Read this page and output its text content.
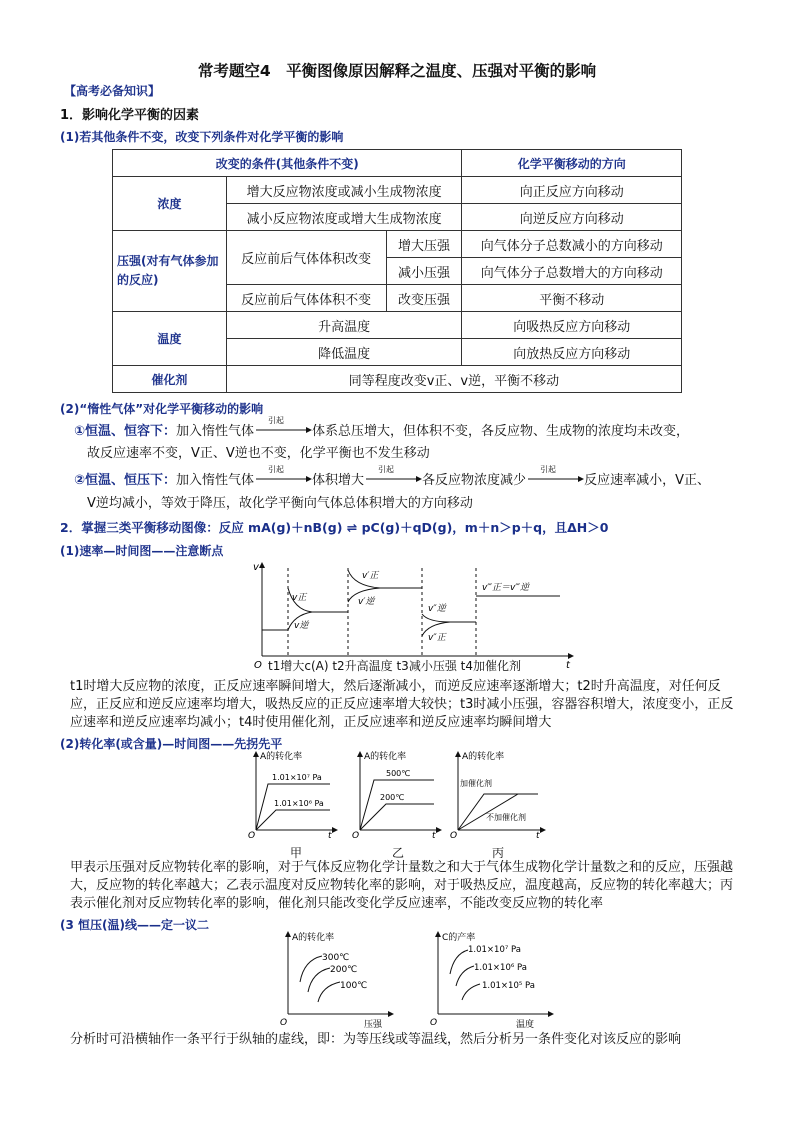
常考题空4　平衡图像原因解释之温度、压强对平衡的影响
【高考必备知识】
1．影响化学平衡的因素
(1)若其他条件不变，改变下列条件对化学平衡的影响
改变的条件(其他条件不变)			化学平衡移动的方向
浓度	增大反应物浓度或减小生成物浓度		向正反应方向移动
	减小反应物浓度或增大生成物浓度		向逆反应方向移动
压强(对有气体参加的反应)	反应前后气体体积改变	增大压强	向气体分子总数减小的方向移动
		减小压强	向气体分子总数增大的方向移动
	反应前后气体体积不变	改变压强	平衡不移动
温度	升高温度		向吸热反应方向移动
	降低温度		向放热反应方向移动
催化剂	同等程度改变v正、v逆，平衡不移动		
(2)“惰性气体”对化学平衡移动的影响
①恒温、恒容下：加入惰性气体
引起
体系总压增大，但体积不变，各反应物、生成物的浓度均未改变，
故反应速率不变，V正、V逆也不变，化学平衡也不发生移动
②恒温、恒压下：加入惰性气体
引起
体积增大
引起
各反应物浓度减少
引起
反应速率减小，V正、
V逆均减小，等效于降压，故化学平衡向气体总体积增大的方向移动
2．掌握三类平衡移动图像：反应 mA(g)＋nB(g) ⇌ pC(g)＋qD(g)，m＋n＞p＋q，且ΔH＞0
(1)速率—时间图——注意断点
v
O
v正
v逆
v′正
v′逆
v″逆
v″正
v‴正＝v‴逆
t
t1增大c(A) t2升高温度 t3减小压强 t4加催化剂
t1时增大反应物的浓度，正反应速率瞬间增大，然后逐渐减小，而逆反应速率逐渐增大；t2时升高温度，对任何反应，正反应和逆反应速率均增大，吸热反应的正反应速率增大较快；t3时减小压强，容器容积增大，浓度变小，正反应速率和逆反应速率均减小；t4时使用催化剂，正反应速率和逆反应速率均瞬间增大
(2)转化率(或含量)—时间图——先拐先平
A的转化率
1.01×10⁷ Pa
1.01×10⁶ Pa
O	t
A的转化率
500℃
200℃
O	t
A的转化率
加催化剂
不加催化剂
O	t
甲	乙	丙
甲表示压强对反应物转化率的影响，对于气体反应物化学计量数之和大于气体生成物化学计量数之和的反应，压强越大，反应物的转化率越大；乙表示温度对反应物转化率的影响，对于吸热反应，温度越高，反应物的转化率越大；丙表示催化剂对反应物转化率的影响，催化剂只能改变化学反应速率，不能改变反应物的转化率
(3 恒压(温)线——定一议二
A的转化率
300℃
200℃
100℃
O	压强
C的产率
1.01×10⁷ Pa
1.01×10⁶ Pa
1.01×10⁵ Pa
O	温度
分析时可沿横轴作一条平行于纵轴的虚线，即：为等压线或等温线，然后分析另一条件变化对该反应的影响
